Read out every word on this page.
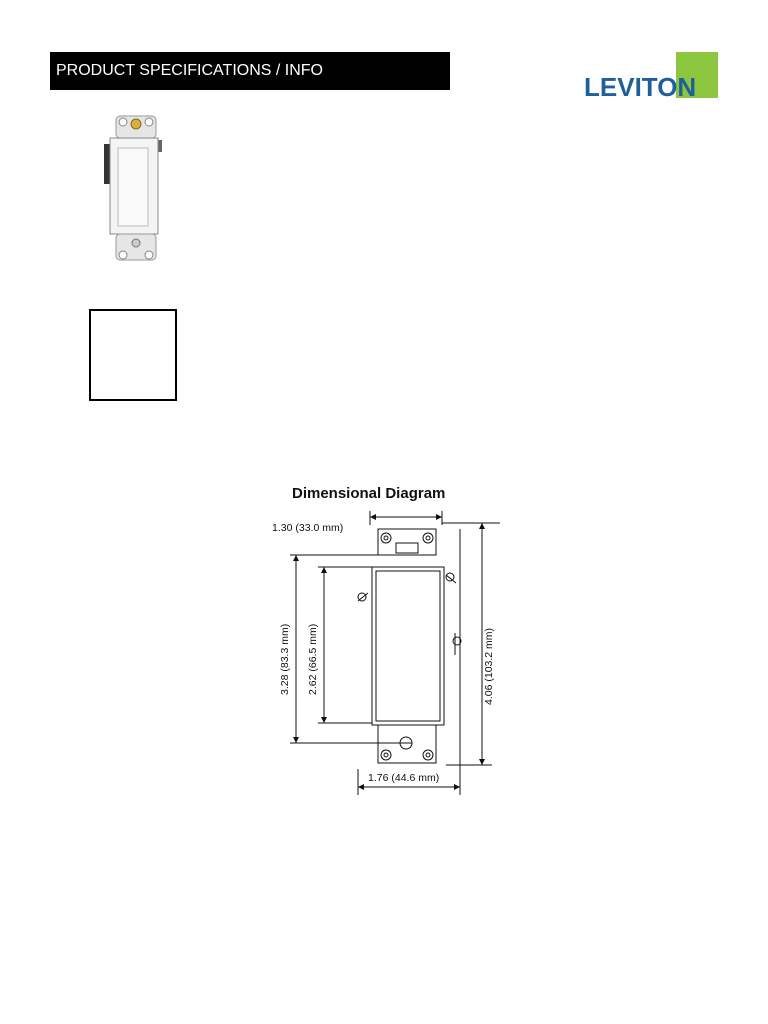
PRODUCT SPECIFICATIONS / INFO
LEVITON
Dimensional Diagram
1.30 (33.0 mm)
3.28 (83.3 mm) 2.62 (66.5 mm)	4.06 (103.2 mm)
1.76 (44.6 mm)
